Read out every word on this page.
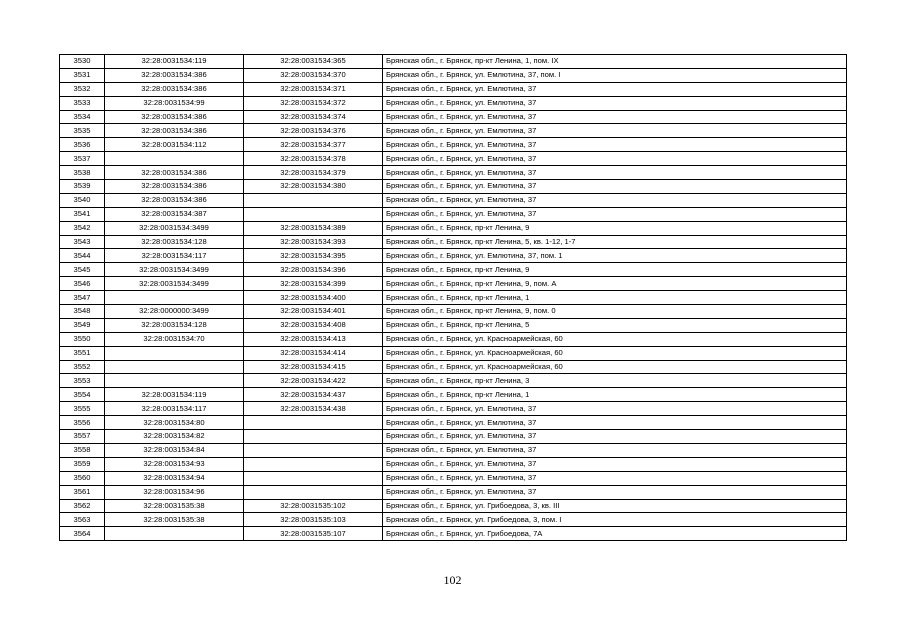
3530	32:28:0031534:119	32:28:0031534:365	Брянская обл., г. Брянск, пр-кт Ленина, 1, пом. IX
3531	32:28:0031534:386	32:28:0031534:370	Брянская обл., г. Брянск, ул. Емлютина, 37, пом. I
3532	32:28:0031534:386	32:28:0031534:371	Брянская обл., г. Брянск, ул. Емлютина, 37
3533	32:28:0031534:99	32:28:0031534:372	Брянская обл., г. Брянск, ул. Емлютина, 37
3534	32:28:0031534:386	32:28:0031534:374	Брянская обл., г. Брянск, ул. Емлютина, 37
3535	32:28:0031534:386	32:28:0031534:376	Брянская обл., г. Брянск, ул. Емлютина, 37
3536	32:28:0031534:112	32:28:0031534:377	Брянская обл., г. Брянск, ул. Емлютина, 37
3537		32:28:0031534:378	Брянская обл., г. Брянск, ул. Емлютина, 37
3538	32:28:0031534:386	32:28:0031534:379	Брянская обл., г. Брянск, ул. Емлютина, 37
3539	32:28:0031534:386	32:28:0031534:380	Брянская обл., г. Брянск, ул. Емлютина, 37
3540	32:28:0031534:386		Брянская обл., г. Брянск, ул. Емлютина, 37
3541	32:28:0031534:387		Брянская обл., г. Брянск, ул. Емлютина, 37
3542	32:28:0031534:3499	32:28:0031534:389	Брянская обл., г. Брянск, пр-кт Ленина, 9
3543	32:28:0031534:128	32:28:0031534:393	Брянская обл., г. Брянск, пр-кт Ленина, 5, кв. 1-12, 1-7
3544	32:28:0031534:117	32:28:0031534:395	Брянская обл., г. Брянск, ул. Емлютина, 37, пом. 1
3545	32:28:0031534:3499	32:28:0031534:396	Брянская обл., г. Брянск, пр-кт Ленина, 9
3546	32:28:0031534:3499	32:28:0031534:399	Брянская обл., г. Брянск, пр-кт Ленина, 9, пом. А
3547		32:28:0031534:400	Брянская обл., г. Брянск, пр-кт Ленина, 1
3548	32:28:0000000:3499	32:28:0031534:401	Брянская обл., г. Брянск, пр-кт Ленина, 9, пом. 0
3549	32:28:0031534:128	32:28:0031534:408	Брянская обл., г. Брянск, пр-кт Ленина, 5
3550	32:28:0031534:70	32:28:0031534:413	Брянская обл., г. Брянск, ул. Красноармейская, 60
3551		32:28:0031534:414	Брянская обл., г. Брянск, ул. Красноармейская, 60
3552		32:28:0031534:415	Брянская обл., г. Брянск, ул. Красноармейская, 60
3553		32:28:0031534:422	Брянская обл., г. Брянск, пр-кт Ленина, 3
3554	32:28:0031534:119	32:28:0031534:437	Брянская обл., г. Брянск, пр-кт Ленина, 1
3555	32:28:0031534:117	32:28:0031534:438	Брянская обл., г. Брянск, ул. Емлютина, 37
3556	32:28:0031534:80		Брянская обл., г. Брянск, ул. Емлютина, 37
3557	32:28:0031534:82		Брянская обл., г. Брянск, ул. Емлютина, 37
3558	32:28:0031534:84		Брянская обл., г. Брянск, ул. Емлютина, 37
3559	32:28:0031534:93		Брянская обл., г. Брянск, ул. Емлютина, 37
3560	32:28:0031534:94		Брянская обл., г. Брянск, ул. Емлютина, 37
3561	32:28:0031534:96		Брянская обл., г. Брянск, ул. Емлютина, 37
3562	32:28:0031535:38	32:28:0031535:102	Брянская обл., г. Брянск, ул. Грибоедова, 3, кв. III
3563	32:28:0031535:38	32:28:0031535:103	Брянская обл., г. Брянск, ул. Грибоедова, 3, пом. I
3564		32:28:0031535:107	Брянская обл., г. Брянск, ул. Грибоедова, 7А
102
